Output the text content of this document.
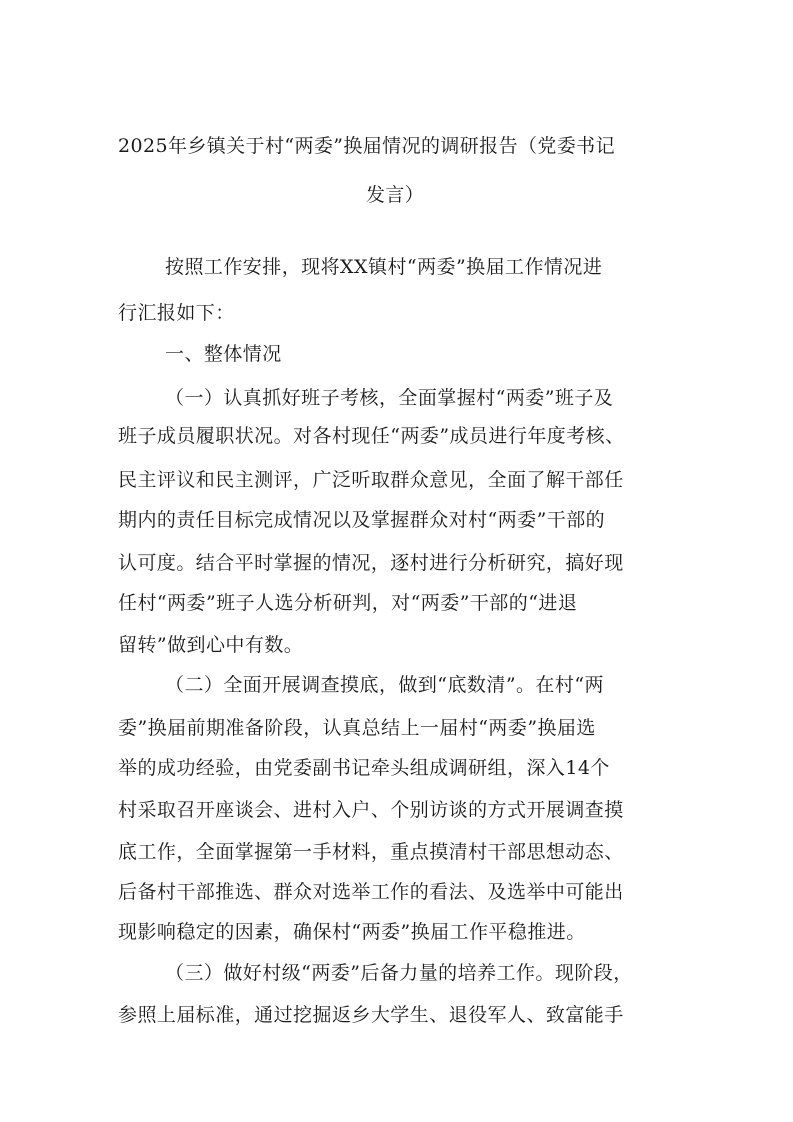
2025年乡镇关于村“两委”换届情况的调研报告（党委书记
发言）

按照工作安排，现将XX镇村“两委”换届工作情况进

行汇报如下：

一、整体情况

（一）认真抓好班子考核，全面掌握村“两委”班子及

班子成员履职状况。对各村现任“两委”成员进行年度考核、

民主评议和民主测评，广泛听取群众意见，全面了解干部任

期内的责任目标完成情况以及掌握群众对村“两委”干部的

认可度。结合平时掌握的情况，逐村进行分析研究，搞好现

任村“两委”班子人选分析研判，对“两委”干部的“进退

留转”做到心中有数。

（二）全面开展调查摸底，做到“底数清”。在村“两

委”换届前期准备阶段，认真总结上一届村“两委”换届选

举的成功经验，由党委副书记牵头组成调研组，深入14个

村采取召开座谈会、进村入户、个别访谈的方式开展调查摸

底工作，全面掌握第一手材料，重点摸清村干部思想动态、

后备村干部推选、群众对选举工作的看法、及选举中可能出

现影响稳定的因素，确保村“两委”换届工作平稳推进。

（三）做好村级“两委”后备力量的培养工作。现阶段，

参照上届标准，通过挖掘返乡大学生、退役军人、致富能手
